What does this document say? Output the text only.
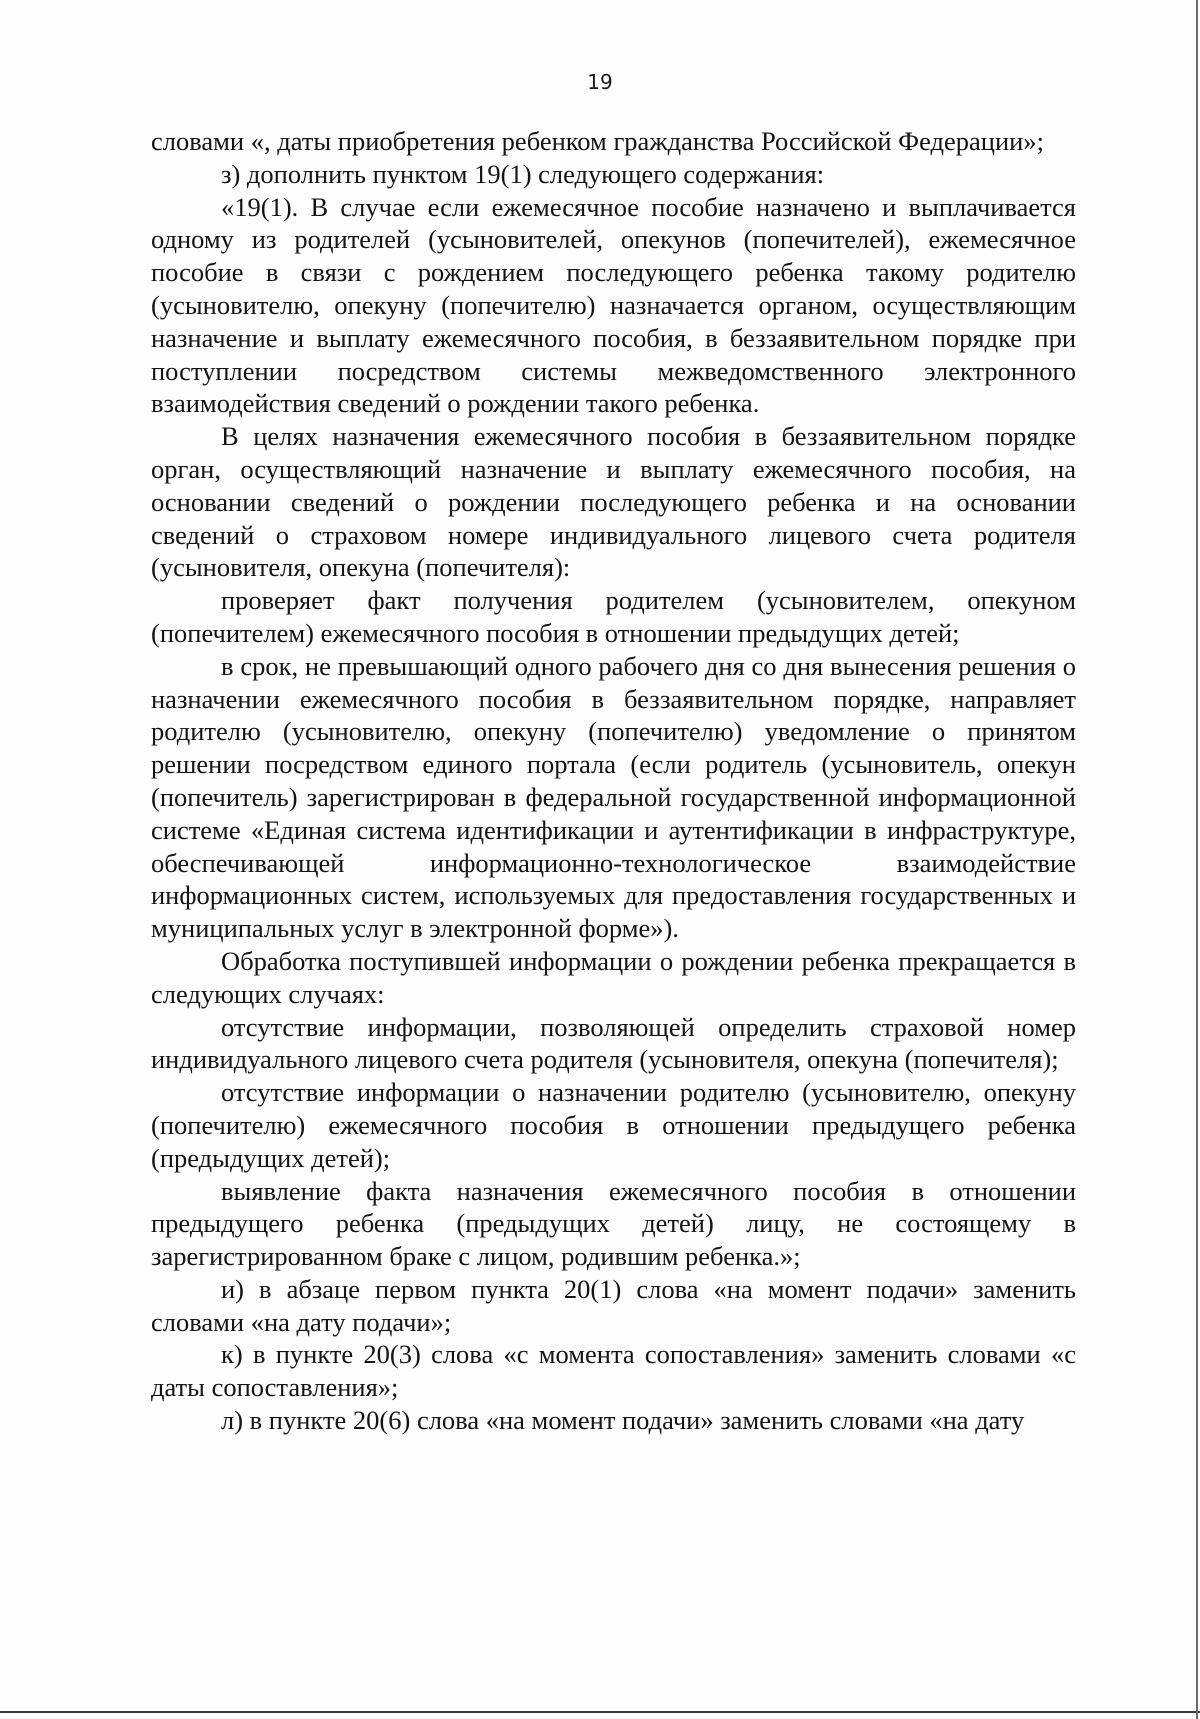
19

словами «, даты приобретения ребенком гражданства Российской Федерации»;

з) дополнить пунктом 19(1) следующего содержания:

«19(1). В случае если ежемесячное пособие назначено и выплачивается одному из родителей (усыновителей, опекунов (попечителей), ежемесячное пособие в связи с рождением последующего ребенка такому родителю (усыновителю, опекуну (попечителю) назначается органом, осуществляющим назначение и выплату ежемесячного пособия, в беззаявительном порядке при поступлении посредством системы межведомственного электронного взаимодействия сведений о рождении такого ребенка.

В целях назначения ежемесячного пособия в беззаявительном порядке орган, осуществляющий назначение и выплату ежемесячного пособия, на основании сведений о рождении последующего ребенка и на основании сведений о страховом номере индивидуального лицевого счета родителя (усыновителя, опекуна (попечителя):

проверяет факт получения родителем (усыновителем, опекуном (попечителем) ежемесячного пособия в отношении предыдущих детей;

в срок, не превышающий одного рабочего дня со дня вынесения решения о назначении ежемесячного пособия в беззаявительном порядке, направляет родителю (усыновителю, опекуну (попечителю) уведомление о принятом решении посредством единого портала (если родитель (усыновитель, опекун (попечитель) зарегистрирован в федеральной государственной информационной системе «Единая система идентификации и аутентификации в инфраструктуре, обеспечивающей информационно-технологическое взаимодействие информационных систем, используемых для предоставления государственных и муниципальных услуг в электронной форме»).

Обработка поступившей информации о рождении ребенка прекращается в следующих случаях:

отсутствие информации, позволяющей определить страховой номер индивидуального лицевого счета родителя (усыновителя, опекуна (попечителя);

отсутствие информации о назначении родителю (усыновителю, опекуну (попечителю) ежемесячного пособия в отношении предыдущего ребенка (предыдущих детей);

выявление факта назначения ежемесячного пособия в отношении предыдущего ребенка (предыдущих детей) лицу, не состоящему в зарегистрированном браке с лицом, родившим ребенка.»;

и) в абзаце первом пункта 20(1) слова «на момент подачи» заменить словами «на дату подачи»;

к) в пункте 20(3) слова «с момента сопоставления» заменить словами «с даты сопоставления»;

л) в пункте 20(6) слова «на момент подачи» заменить словами «на дату
